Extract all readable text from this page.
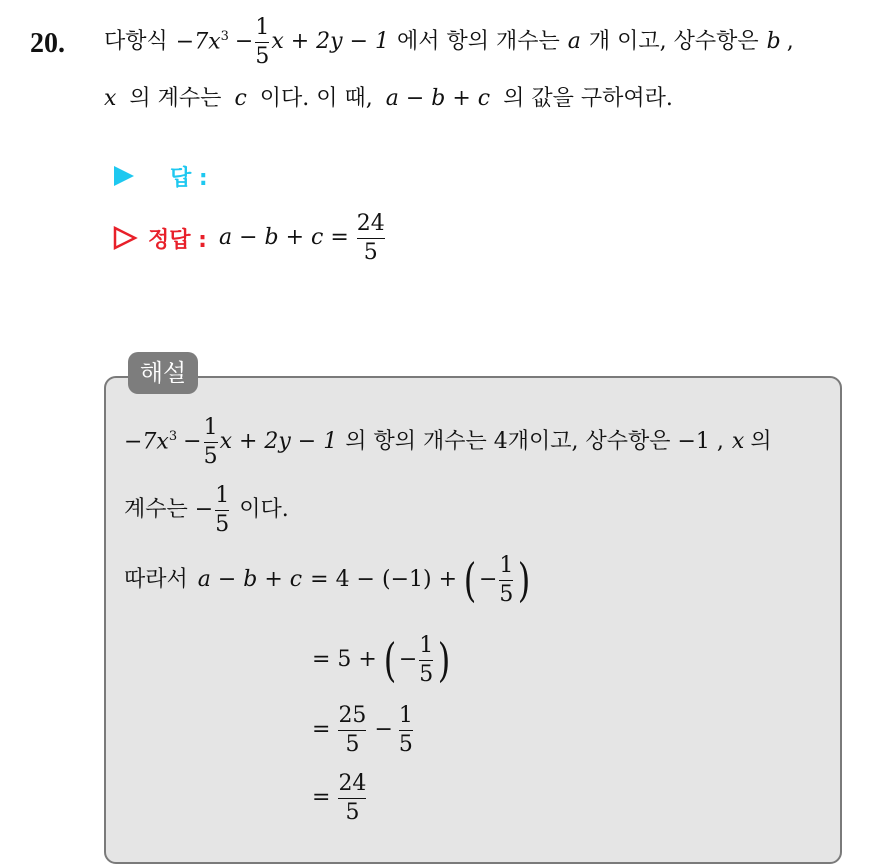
20. 다항식 $-7x^3 - \frac{1}{5}$ x + 2y − 1 에서 항의 개수는 a 개 이고, 상수항은 b ,
x 의 계수는 c 이다. 이 때, a − b + c 의 값을 구하여라.
답 :
정답 : $a - b + c = \frac{24}{5}$
해설
$-7x^3 - \frac{1}{5}$ x + 2y − 1 의 항의 개수는 4개이고, 상수항은 −1 , x 의
계수는 − $\frac{1}{5}$ 이다.
따라서 a − b + c = 4 − (−1) + ( − $\frac{1}{5}$ )
= 5 + ( − $\frac{1}{5}$ )
= $\frac{25}{5} - \frac{1}{5}$
= $\frac{24}{5}$
